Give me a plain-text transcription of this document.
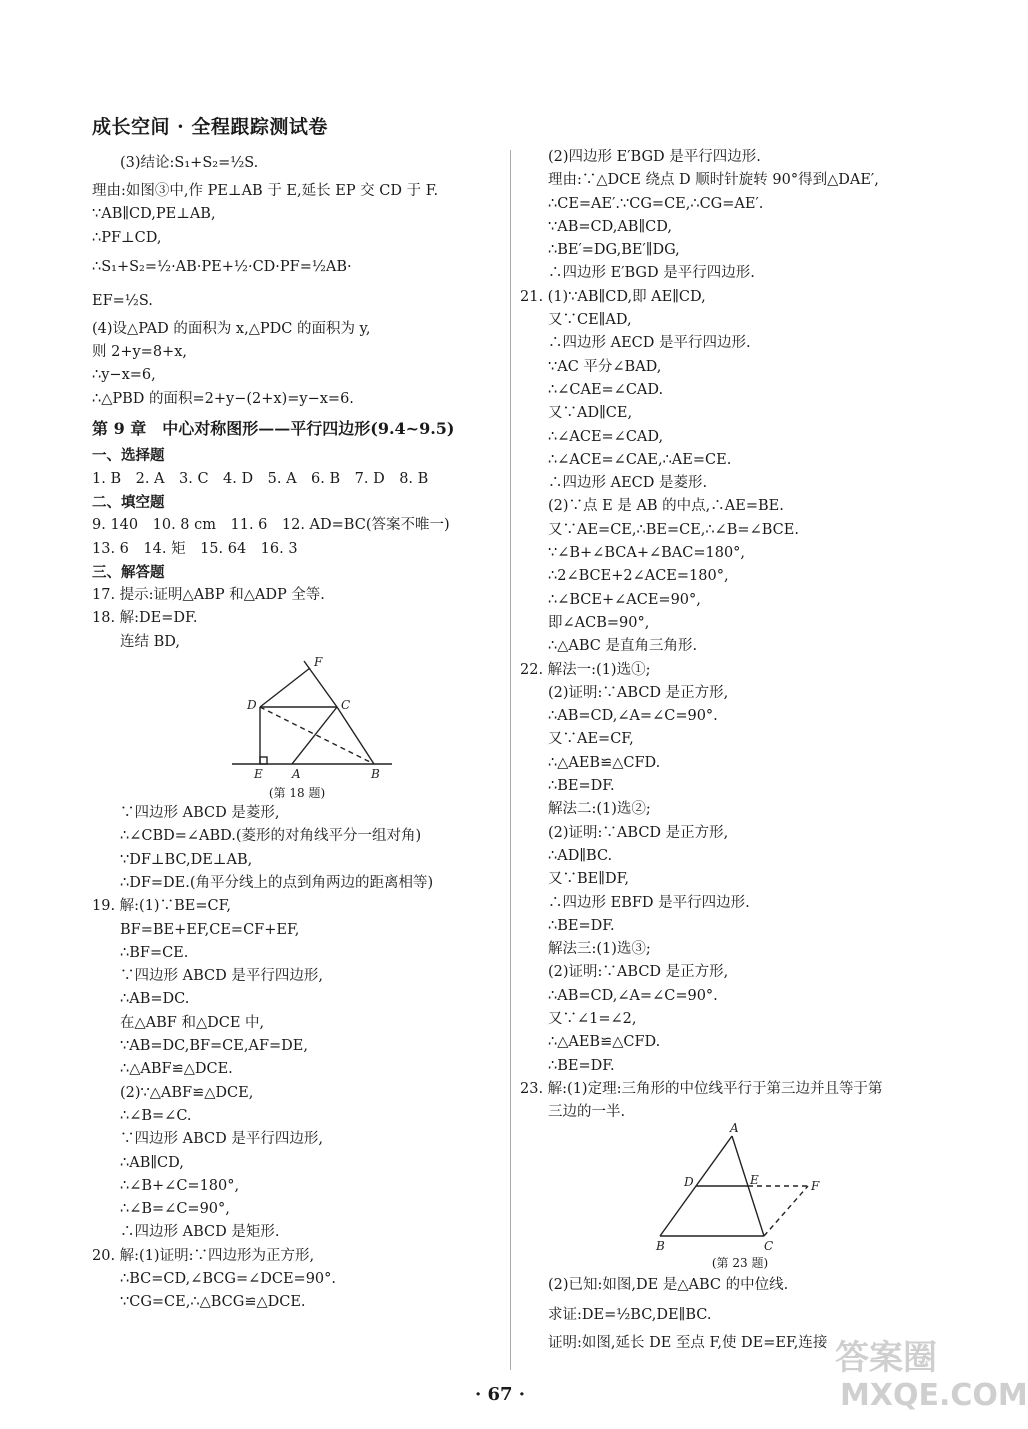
成长空间 · 全程跟踪测试卷
(3)结论:S₁+S₂=½S.
理由:如图③中,作 PE⊥AB 于 E,延长 EP 交 CD 于 F.
∵AB∥CD,PE⊥AB,
∴PF⊥CD,
∴S₁+S₂=½·AB·PE+½·CD·PF=½AB·
EF=½S.
(4)设△PAD 的面积为 x,△PDC 的面积为 y,
则 2+y=8+x,
∴y−x=6,
∴△PBD 的面积=2+y−(2+x)=y−x=6.
第 9 章　中心对称图形——平行四边形(9.4~9.5)
一、选择题
1. B　2. A　3. C　4. D　5. A　6. B　7. D　8. B
二、填空题
9. 140　10. 8 cm　11. 6　12. AD=BC(答案不唯一)
13. 6　14. 矩　15. 64　16. 3
三、解答题
17. 提示:证明△ABP 和△ADP 全等.
18. 解:DE=DF.
连结 BD,
F
D	C
E A	B
(第 18 题)
∵四边形 ABCD 是菱形,
∴∠CBD=∠ABD.(菱形的对角线平分一组对角)
∵DF⊥BC,DE⊥AB,
∴DF=DE.(角平分线上的点到角两边的距离相等)
19. 解:(1)∵BE=CF,
BF=BE+EF,CE=CF+EF,
∴BF=CE.
∵四边形 ABCD 是平行四边形,
∴AB=DC.
在△ABF 和△DCE 中,
∵AB=DC,BF=CE,AF=DE,
∴△ABF≌△DCE.
(2)∵△ABF≌△DCE,
∴∠B=∠C.
∵四边形 ABCD 是平行四边形,
∴AB∥CD,
∴∠B+∠C=180°,
∴∠B=∠C=90°,
∴四边形 ABCD 是矩形.
20. 解:(1)证明:∵四边形为正方形,
∴BC=CD,∠BCG=∠DCE=90°.
∵CG=CE,∴△BCG≌△DCE.
(2)四边形 E′BGD 是平行四边形.
理由:∵△DCE 绕点 D 顺时针旋转 90°得到△DAE′,
∴CE=AE′.∵CG=CE,∴CG=AE′.
∵AB=CD,AB∥CD,
∴BE′=DG,BE′∥DG,
∴四边形 E′BGD 是平行四边形.
21. (1)∵AB∥CD,即 AE∥CD,
又∵CE∥AD,
∴四边形 AECD 是平行四边形.
∵AC 平分∠BAD,
∴∠CAE=∠CAD.
又∵AD∥CE,
∴∠ACE=∠CAD,
∴∠ACE=∠CAE,∴AE=CE.
∴四边形 AECD 是菱形.
(2)∵点 E 是 AB 的中点,∴AE=BE.
又∵AE=CE,∴BE=CE,∴∠B=∠BCE.
∵∠B+∠BCA+∠BAC=180°,
∴2∠BCE+2∠ACE=180°,
∴∠BCE+∠ACE=90°,
即∠ACB=90°,
∴△ABC 是直角三角形.
22. 解法一:(1)选①;
(2)证明:∵ABCD 是正方形,
∴AB=CD,∠A=∠C=90°.
又∵AE=CF,
∴△AEB≌△CFD.
∴BE=DF.
解法二:(1)选②;
(2)证明:∵ABCD 是正方形,
∴AD∥BC.
又∵BE∥DF,
∴四边形 EBFD 是平行四边形.
∴BE=DF.
解法三:(1)选③;
(2)证明:∵ABCD 是正方形,
∴AB=CD,∠A=∠C=90°.
又∵∠1=∠2,
∴△AEB≌△CFD.
∴BE=DF.
23. 解:(1)定理:三角形的中位线平行于第三边并且等于第
三边的一半.
A
D	E	F
B	C
(第 23 题)
(2)已知:如图,DE 是△ABC 的中位线.
求证:DE=½BC,DE∥BC.
证明:如图,延长 DE 至点 F,使 DE=EF,连接
· 67 ·
答案圈
MXQE.COM
